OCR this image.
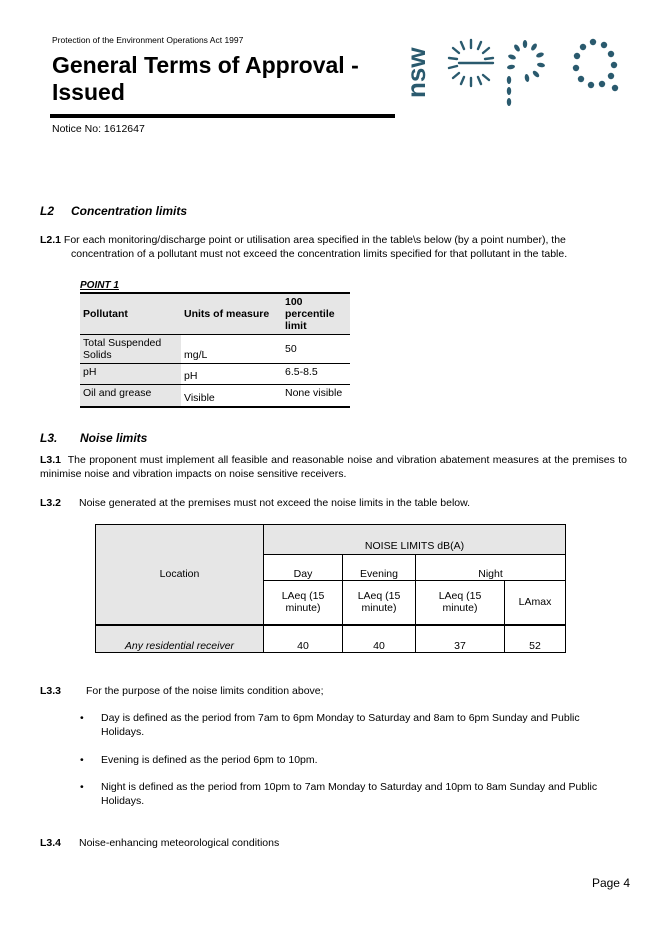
Protection of the Environment Operations Act 1997
General Terms of Approval -
Issued
Notice No: 1612647
nsw
L2 Concentration limits
L2.1 For each monitoring/discharge point or utilisation area specified in the table\s below (by a point number), the
concentration of a pollutant must not exceed the concentration limits specified for that pollutant in the table.
POINT 1
Pollutant	Units of measure	100 percentile limit
Total Suspended Solids	mg/L	50
pH	pH	6.5-8.5
Oil and grease	Visible	None visible
L3. Noise limits
L3.1 The proponent must implement all feasible and reasonable noise and vibration abatement measures at the premises to minimise noise and vibration impacts on noise sensitive receivers.
L3.2 Noise generated at the premises must not exceed the noise limits in the table below.
Location	NOISE LIMITS dB(A)			
	Day	Evening	Night	
	LAeq (15 minute)	LAeq (15 minute)	LAeq (15 minute)	LAmax
Any residential receiver	40	40	37	52
L3.3 For the purpose of the noise limits condition above;
• Day is defined as the period from 7am to 6pm Monday to Saturday and 8am to 6pm Sunday and Public Holidays.
• Evening is defined as the period 6pm to 10pm.
• Night is defined as the period from 10pm to 7am Monday to Saturday and 10pm to 8am Sunday and Public Holidays.
L3.4 Noise-enhancing meteorological conditions
Page 4
